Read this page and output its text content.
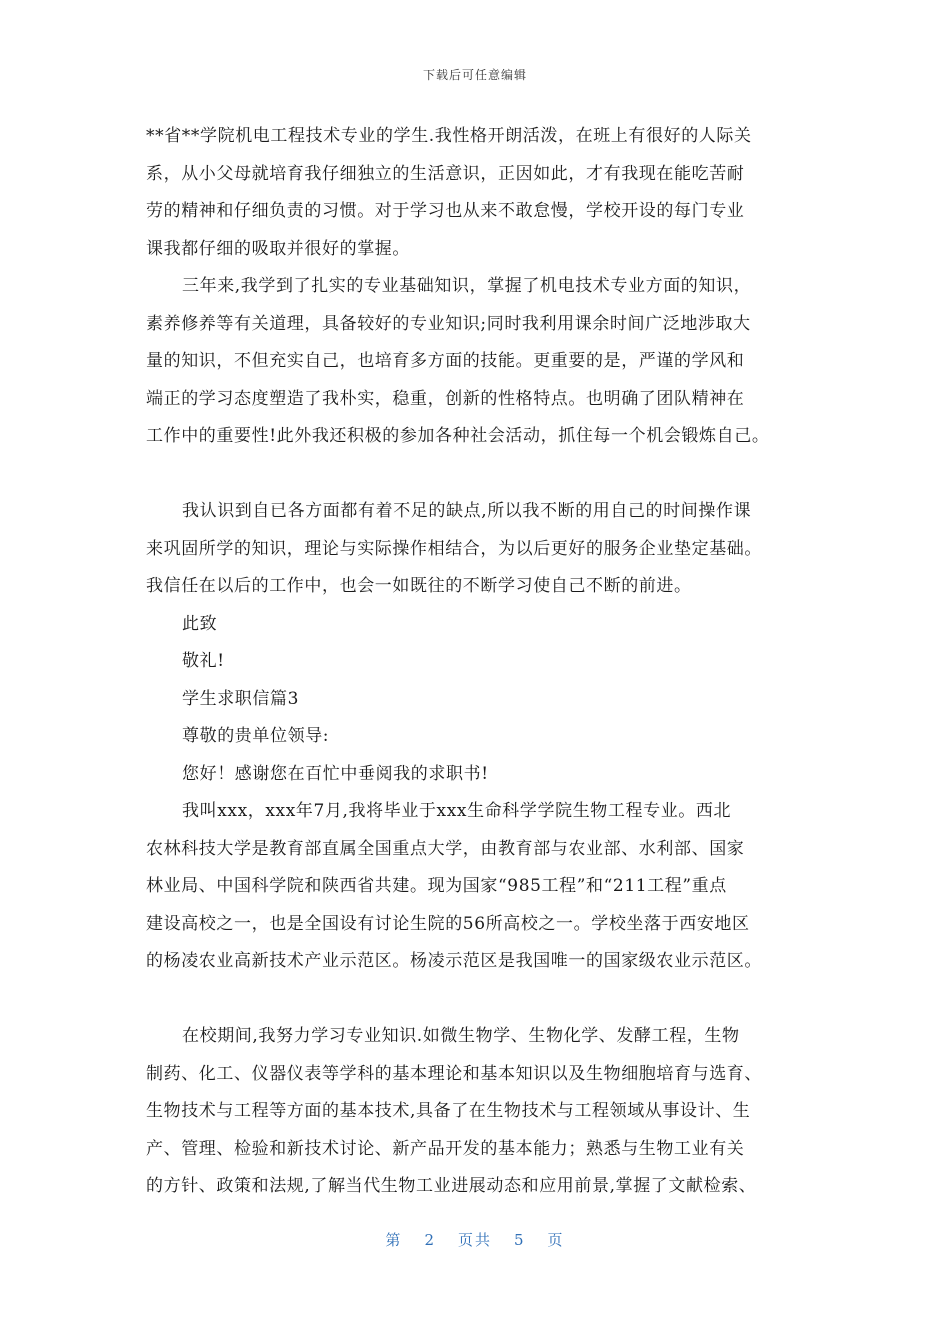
下载后可任意编辑
**省**学院机电工程技术专业的学生.我性格开朗活泼，在班上有很好的人际关
系，从小父母就培育我仔细独立的生活意识，正因如此，才有我现在能吃苦耐
劳的精神和仔细负责的习惯。对于学习也从来不敢怠慢，学校开设的每门专业
课我都仔细的吸取并很好的掌握。
三年来,我学到了扎实的专业基础知识，掌握了机电技术专业方面的知识，
素养修养等有关道理，具备较好的专业知识;同时我利用课余时间广泛地涉取大
量的知识，不但充实自己，也培育多方面的技能。更重要的是，严谨的学风和
端正的学习态度塑造了我朴实，稳重，创新的性格特点。也明确了团队精神在
工作中的重要性!此外我还积极的参加各种社会活动，抓住每一个机会锻炼自己。
我认识到自已各方面都有着不足的缺点,所以我不断的用自己的时间操作课
来巩固所学的知识，理论与实际操作相结合，为以后更好的服务企业垫定基础。
我信任在以后的工作中，也会一如既往的不断学习使自己不断的前进。
此致
敬礼!
学生求职信篇3
尊敬的贵单位领导:
您好！感谢您在百忙中垂阅我的求职书!
我叫xxx，xxx年7月,我将毕业于xxx生命科学学院生物工程专业。西北
农林科技大学是教育部直属全国重点大学，由教育部与农业部、水利部、国家
林业局、中国科学院和陕西省共建。现为国家“985工程”和“211工程”重点
建设高校之一，也是全国设有讨论生院的56所高校之一。学校坐落于西安地区
的杨凌农业高新技术产业示范区。杨凌示范区是我国唯一的国家级农业示范区。
在校期间,我努力学习专业知识.如微生物学、生物化学、发酵工程，生物
制药、化工、仪器仪表等学科的基本理论和基本知识以及生物细胞培育与选育、
生物技术与工程等方面的基本技术,具备了在生物技术与工程领域从事设计、生
产、管理、检验和新技术讨论、新产品开发的基本能力；熟悉与生物工业有关
的方针、政策和法规,了解当代生物工业进展动态和应用前景,掌握了文献检索、
第 2 页共 5 页
